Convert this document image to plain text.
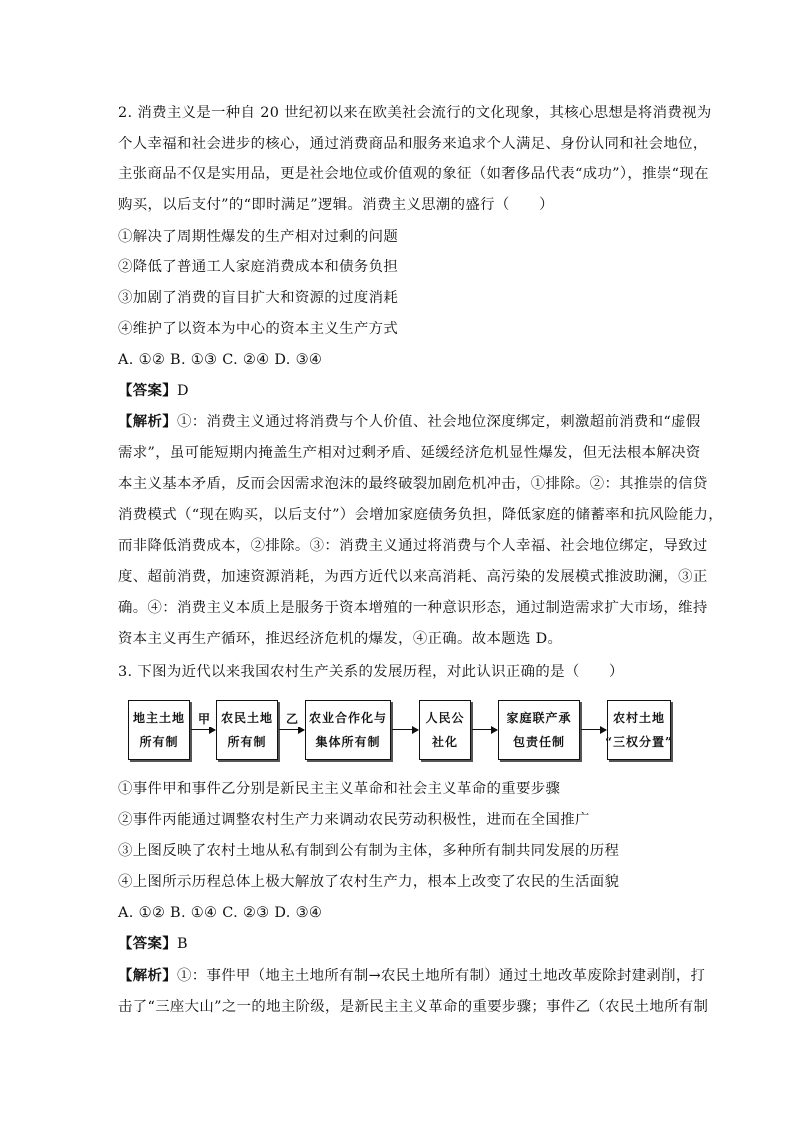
2. 消费主义是一种自 20 世纪初以来在欧美社会流行的文化现象，其核心思想是将消费视为
个人幸福和社会进步的核心，通过消费商品和服务来追求个人满足、身份认同和社会地位，
主张商品不仅是实用品，更是社会地位或价值观的象征（如奢侈品代表“成功”），推崇“现在
购买，以后支付”的“即时满足”逻辑。消费主义思潮的盛行（　　）
①解决了周期性爆发的生产相对过剩的问题
②降低了普通工人家庭消费成本和债务负担
③加剧了消费的盲目扩大和资源的过度消耗
④维护了以资本为中心的资本主义生产方式
A. ①② B. ①③ C. ②④ D. ③④
【答案】D
【解析】①：消费主义通过将消费与个人价值、社会地位深度绑定，刺激超前消费和“虚假
需求”，虽可能短期内掩盖生产相对过剩矛盾、延缓经济危机显性爆发，但无法根本解决资
本主义基本矛盾，反而会因需求泡沫的最终破裂加剧危机冲击，①排除。②：其推崇的信贷
消费模式（“现在购买，以后支付”）会增加家庭债务负担，降低家庭的储蓄率和抗风险能力，
而非降低消费成本，②排除。③：消费主义通过将消费与个人幸福、社会地位绑定，导致过
度、超前消费，加速资源消耗，为西方近代以来高消耗、高污染的发展模式推波助澜，③正
确。④：消费主义本质上是服务于资本增殖的一种意识形态，通过制造需求扩大市场，维持
资本主义再生产循环，推迟经济危机的爆发，④正确。故本题选 D。
3. 下图为近代以来我国农村生产关系的发展历程，对此认识正确的是（　　）
地主土地
所有制
甲 农民土地
所有制
乙 农业合作化与
集体所有制
人民公
社化
家庭联产承
包责任制
农村土地
“三权分置”
①事件甲和事件乙分别是新民主主义革命和社会主义革命的重要步骤
②事件丙能通过调整农村生产力来调动农民劳动积极性，进而在全国推广
③上图反映了农村土地从私有制到公有制为主体，多种所有制共同发展的历程
④上图所示历程总体上极大解放了农村生产力，根本上改变了农民的生活面貌
A. ①② B. ①④ C. ②③ D. ③④
【答案】B
【解析】①：事件甲（地主土地所有制→农民土地所有制）通过土地改革废除封建剥削，打
击了“三座大山”之一的地主阶级，是新民主主义革命的重要步骤；事件乙（农民土地所有制
